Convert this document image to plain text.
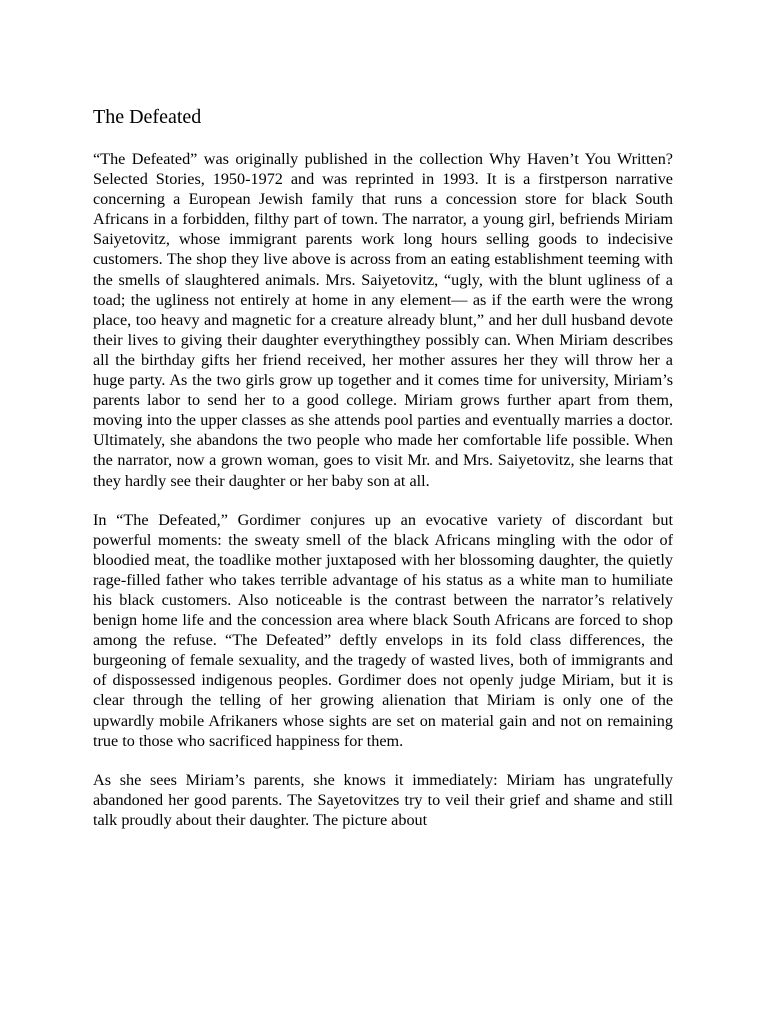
The Defeated

“The Defeated” was originally published in the collection Why Haven’t You Written? Selected Stories, 1950-1972 and was reprinted in 1993. It is a firstperson narrative concerning a European Jewish family that runs a concession store for black South Africans in a forbidden, filthy part of town. The narrator, a young girl, befriends Miriam Saiyetovitz, whose immigrant parents work long hours selling goods to indecisive customers. The shop they live above is across from an eating establishment teeming with the smells of slaughtered animals. Mrs. Saiyetovitz, “ugly, with the blunt ugliness of a toad; the ugliness not entirely at home in any element— as if the earth were the wrong place, too heavy and magnetic for a creature already blunt,” and her dull husband devote their lives to giving their daughter everythingthey possibly can. When Miriam describes all the birthday gifts her friend received, her mother assures her they will throw her a huge party. As the two girls grow up together and it comes time for university, Miriam’s parents labor to send her to a good college. Miriam grows further apart from them, moving into the upper classes as she attends pool parties and eventually marries a doctor. Ultimately, she abandons the two people who made her comfortable life possible. When the narrator, now a grown woman, goes to visit Mr. and Mrs. Saiyetovitz, she learns that they hardly see their daughter or her baby son at all.

In “The Defeated,” Gordimer conjures up an evocative variety of discordant but powerful moments: the sweaty smell of the black Africans mingling with the odor of bloodied meat, the toadlike mother juxtaposed with her blossoming daughter, the quietly rage-filled father who takes terrible advantage of his status as a white man to humiliate his black customers. Also noticeable is the contrast between the narrator’s relatively benign home life and the concession area where black South Africans are forced to shop among the refuse. “The Defeated” deftly envelops in its fold class differences, the burgeoning of female sexuality, and the tragedy of wasted lives, both of immigrants and of dispossessed indigenous peoples. Gordimer does not openly judge Miriam, but it is clear through the telling of her growing alienation that Miriam is only one of the upwardly mobile Afrikaners whose sights are set on material gain and not on remaining true to those who sacrificed happiness for them.

As she sees Miriam’s parents, she knows it immediately: Miriam has ungratefully abandoned her good parents. The Sayetovitzes try to veil their grief and shame and still talk proudly about their daughter. The picture about
